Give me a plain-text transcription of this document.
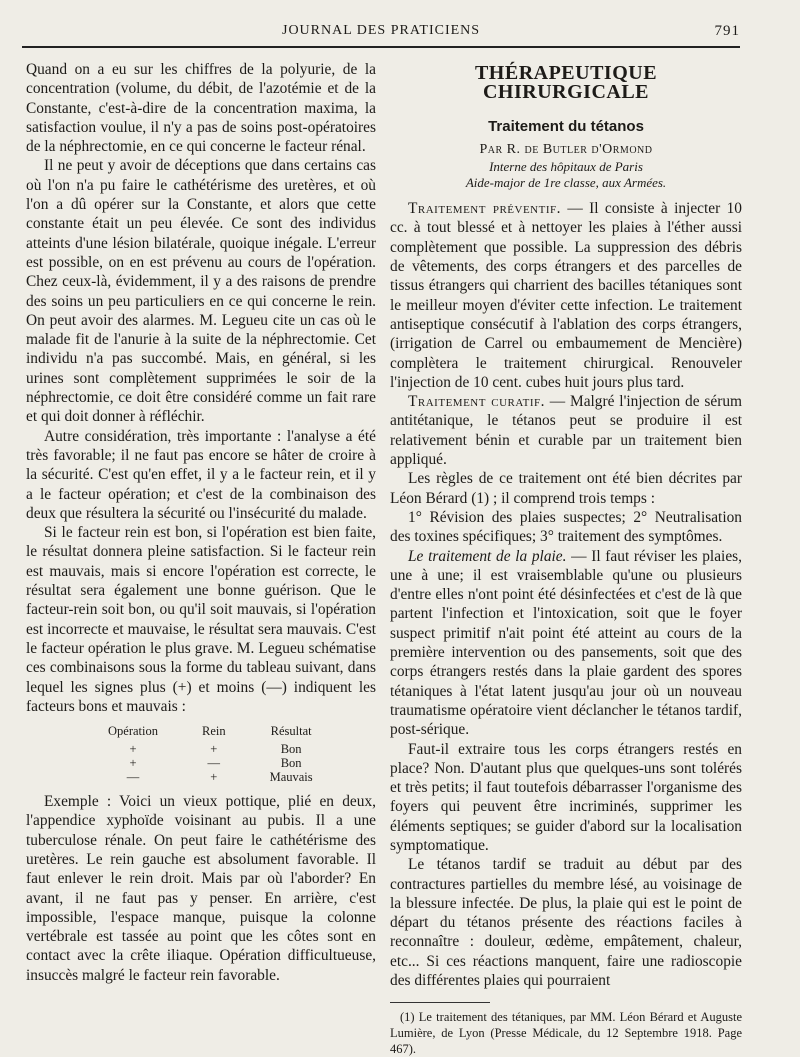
JOURNAL DES PRATICIENS	791

Quand on a eu sur les chiffres de la polyurie, de la concentration (volume, du débit, de l'azotémie et de la Constante, c'est-à-dire de la concentration maxima, la satisfaction voulue, il n'y a pas de soins post-opératoires de la néphrectomie, en ce qui concerne le facteur rénal.

Il ne peut y avoir de déceptions que dans certains cas où l'on n'a pu faire le cathétérisme des uretères, et où l'on a dû opérer sur la Constante, et alors que cette constante était un peu élevée. Ce sont des individus atteints d'une lésion bilatérale, quoique inégale. L'erreur est possible, on en est prévenu au cours de l'opération. Chez ceux-là, évidemment, il y a des raisons de prendre des soins un peu particuliers en ce qui concerne le rein. On peut avoir des alarmes. M. Legueu cite un cas où le malade fit de l'anurie à la suite de la néphrectomie. Cet individu n'a pas succombé. Mais, en général, si les urines sont complètement supprimées le soir de la néphrectomie, ce doit être considéré comme un fait rare et qui doit donner à réfléchir.

Autre considération, très importante : l'analyse a été très favorable; il ne faut pas encore se hâter de croire à la sécurité. C'est qu'en effet, il y a le facteur rein, et il y a le facteur opération; et c'est de la combinaison des deux que résultera la sécurité ou l'insécurité du malade.

Si le facteur rein est bon, si l'opération est bien faite, le résultat donnera pleine satisfaction. Si le facteur rein est mauvais, mais si encore l'opération est correcte, le résultat sera également une bonne guérison. Que le facteur-rein soit bon, ou qu'il soit mauvais, si l'opération est incorrecte et mauvaise, le résultat sera mauvais. C'est le facteur opération le plus grave. M. Legueu schématise ces combinaisons sous la forme du tableau suivant, dans lequel les signes plus (+) et moins (—) indiquent les facteurs bons et mauvais :

Opération	Rein	Résultat
+	+	Bon
+	—	Bon
—	+	Mauvais

Exemple : Voici un vieux pottique, plié en deux, l'appendice xyphoïde voisinant au pubis. Il a une tuberculose rénale. On peut faire le cathétérisme des uretères. Le rein gauche est absolument favorable. Il faut enlever le rein droit. Mais par où l'aborder? En avant, il ne faut pas y penser. En arrière, c'est impossible, l'espace manque, puisque la colonne vertébrale est tassée au point que les côtes sont en contact avec la crête iliaque. Opération difficultueuse, insuccès malgré le facteur rein favorable.

THÉRAPEUTIQUE CHIRURGICALE
Traitement du tétanos
Par R. de Butler d'Ormond
Interne des hôpitaux de Paris
Aide-major de 1re classe, aux Armées.

Traitement préventif. — Il consiste à injecter 10 cc. à tout blessé et à nettoyer les plaies à l'éther aussi complètement que possible. La suppression des débris de vêtements, des corps étrangers et des parcelles de tissus étrangers qui charrient des bacilles tétaniques sont le meilleur moyen d'éviter cette infection. Le traitement antiseptique consécutif à l'ablation des corps étrangers, (irrigation de Carrel ou embaumement de Mencière) complètera le traitement chirurgical. Renouveler l'injection de 10 cent. cubes huit jours plus tard.

Traitement curatif. — Malgré l'injection de sérum antitétanique, le tétanos peut se produire il est relativement bénin et curable par un traitement bien appliqué.

Les règles de ce traitement ont été bien décrites par Léon Bérard (1) ; il comprend trois temps :

1° Révision des plaies suspectes; 2° Neutralisation des toxines spécifiques; 3° traitement des symptômes.

Le traitement de la plaie. — Il faut réviser les plaies, une à une; il est vraisemblable qu'une ou plusieurs d'entre elles n'ont point été désinfectées et c'est de là que partent l'infection et l'intoxication, soit que le foyer suspect primitif n'ait point été atteint au cours de la première intervention ou des pansements, soit que des corps étrangers restés dans la plaie gardent des spores tétaniques à l'état latent jusqu'au jour où un nouveau traumatisme opératoire vient déclancher le tétanos tardif, post-sérique.

Faut-il extraire tous les corps étrangers restés en place? Non. D'autant plus que quelques-uns sont tolérés et très petits; il faut toutefois débarrasser l'organisme des foyers qui peuvent être incriminés, supprimer les éléments septiques; se guider d'abord sur la localisation symptomatique.

Le tétanos tardif se traduit au début par des contractures partielles du membre lésé, au voisinage de la blessure infectée. De plus, la plaie qui est le point de départ du tétanos présente des réactions faciles à reconnaître : douleur, œdème, empâtement, chaleur, etc... Si ces réactions manquent, faire une radioscopie des différentes plaies qui pourraient

(1) Le traitement des tétaniques, par MM. Léon Bérard et Auguste Lumière, de Lyon (Presse Médicale, du 12 Septembre 1918. Page 467).
